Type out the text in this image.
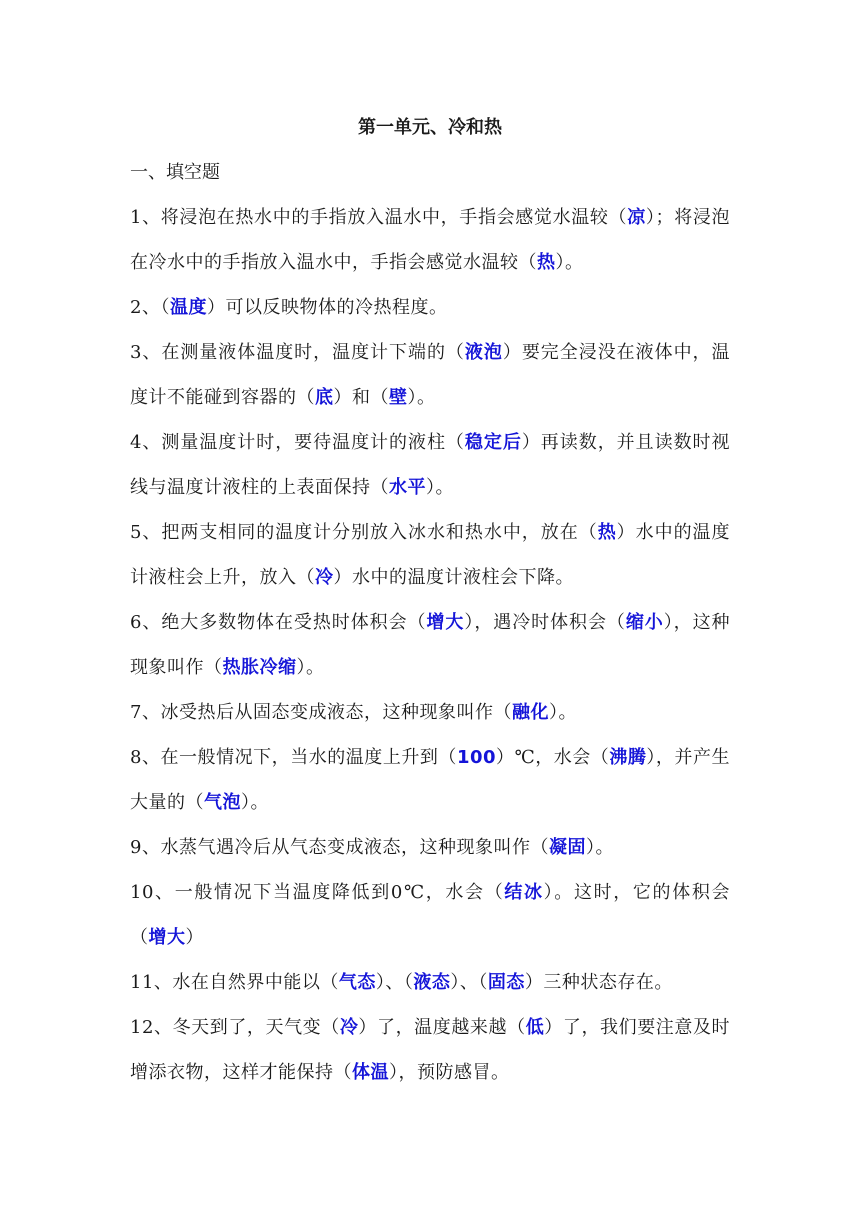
第一单元、冷和热

一、填空题

1、将浸泡在热水中的手指放入温水中，手指会感觉水温较（凉）；将浸泡在冷水中的手指放入温水中，手指会感觉水温较（热）。

2、（温度）可以反映物体的冷热程度。

3、在测量液体温度时，温度计下端的（液泡）要完全浸没在液体中，温度计不能碰到容器的（底）和（壁）。

4、测量温度计时，要待温度计的液柱（稳定后）再读数，并且读数时视线与温度计液柱的上表面保持（水平）。

5、把两支相同的温度计分别放入冰水和热水中，放在（热）水中的温度计液柱会上升，放入（冷）水中的温度计液柱会下降。

6、绝大多数物体在受热时体积会（增大），遇冷时体积会（缩小），这种现象叫作（热胀冷缩）。

7、冰受热后从固态变成液态，这种现象叫作（融化）。

8、在一般情况下，当水的温度上升到（100）℃，水会（沸腾），并产生大量的（气泡）。

9、水蒸气遇冷后从气态变成液态，这种现象叫作（凝固）。

10、一般情况下当温度降低到0℃，水会（结冰）。这时，它的体积会（增大）

11、水在自然界中能以（气态）、（液态）、（固态）三种状态存在。

12、冬天到了，天气变（冷）了，温度越来越（低）了，我们要注意及时增添衣物，这样才能保持（体温），预防感冒。
